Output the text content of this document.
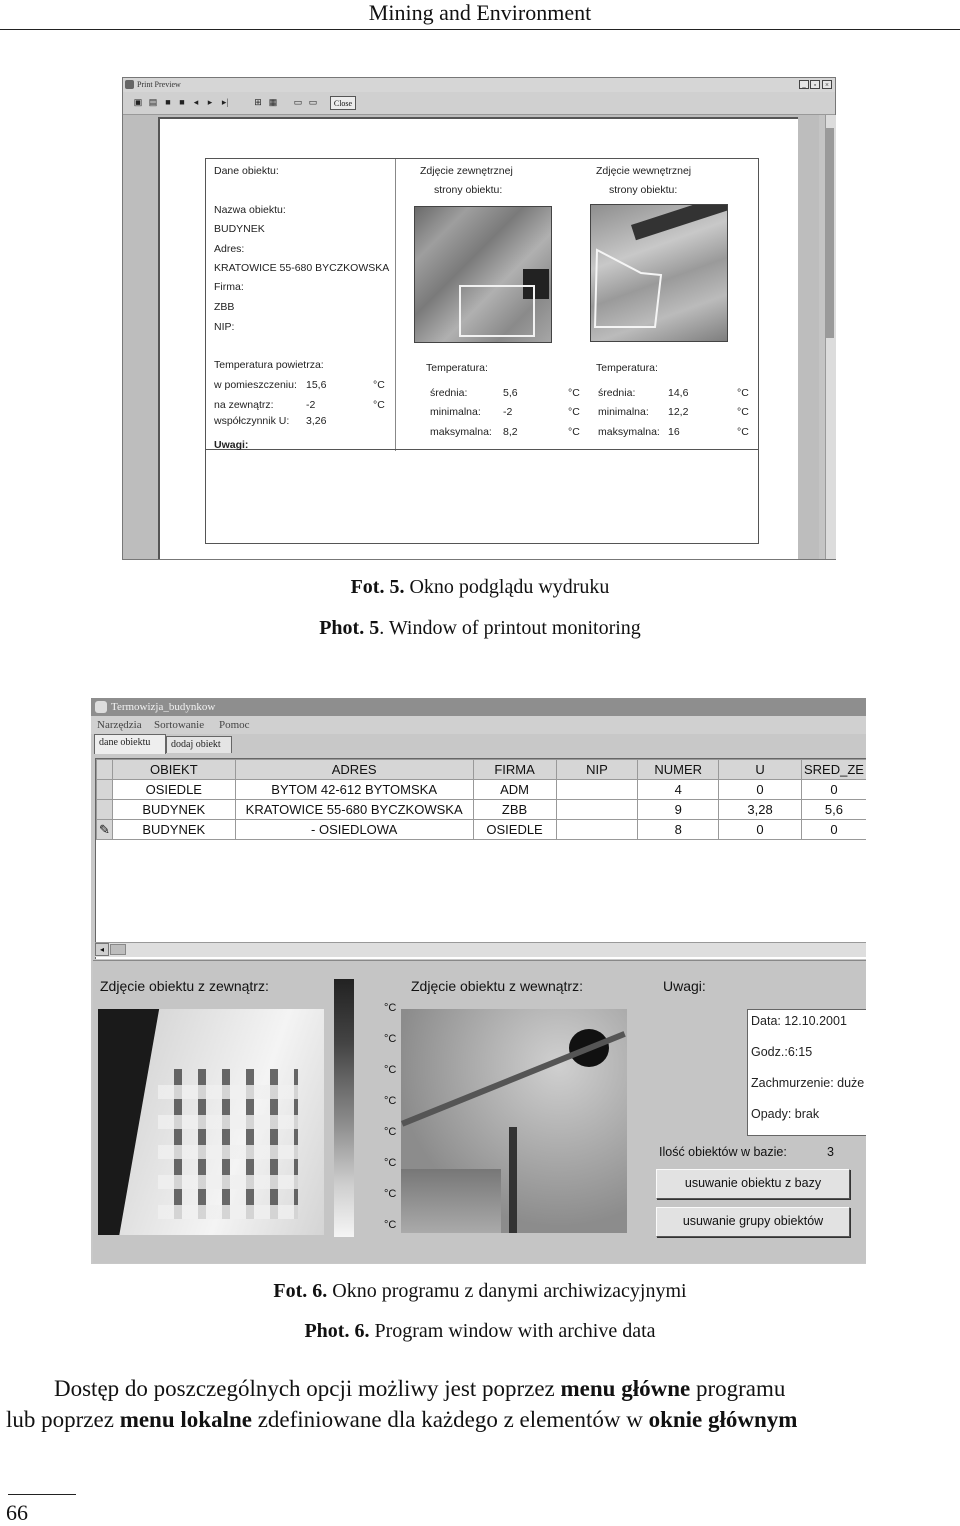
Mining and Environment
Print Preview	_	▫	×
▣ ▤ ■ ■	◂	▸	▸|	⊞ ▦ ▭ ▭	Close
Dane obiektu:
Nazwa obiektu:
BUDYNEK
Adres:
KRATOWICE 55-680 BYCZKOWSKA
Firma:
ZBB
NIP:
Temperatura powietrza:
w pomieszczeniu: 15,6	°C
na zewnątrz:	-2	°C
współczynnik U: 3,26
Uwagi:
Zdjęcie zewnętrznej
strony obiektu:
Temperatura:
średnia:	5,6	°C
minimalna: -2	°C
maksymalna: 8,2	°C
Zdjęcie wewnętrznej
strony obiektu:
Temperatura:
średnia:	14,6	°C
minimalna: 12,2	°C
maksymalna: 16	°C
Fot. 5. Okno podglądu wydruku
Phot. 5. Window of printout monitoring
Termowizja_budynkow
Narzędzia Sortowanie Pomoc
dane obiektu	dodaj obiekt
	OBIEKT	ADRES	FIRMA	NIP	NUMER	U	SRED_ZE
	OSIEDLE	BYTOM 42-612 BYTOMSKA	ADM		4	0	0
	BUDYNEK	KRATOWICE 55-680 BYCZKOWSKA	ZBB		9	3,28	5,6
✎	BUDYNEK	- OSIEDLOWA	OSIEDLE		8	0	0
◂
Zdjęcie obiektu z zewnątrz:	Zdjęcie obiektu z wewnątrz:	Uwagi:
°C
°C
°C
°C
°C
°C
°C
°C
Data: 12.10.2001
Godz.:6:15
Zachmurzenie: duże
Opady: brak
Ilość obiektów w bazie:	3
usuwanie obiektu z bazy
usuwanie grupy obiektów
Fot. 6. Okno programu z danymi archiwizacyjnymi
Phot. 6. Program window with archive data
Dostęp do poszczególnych opcji możliwy jest poprzez menu główne programu
lub poprzez menu lokalne zdefiniowane dla każdego z elementów w oknie głównym
66
